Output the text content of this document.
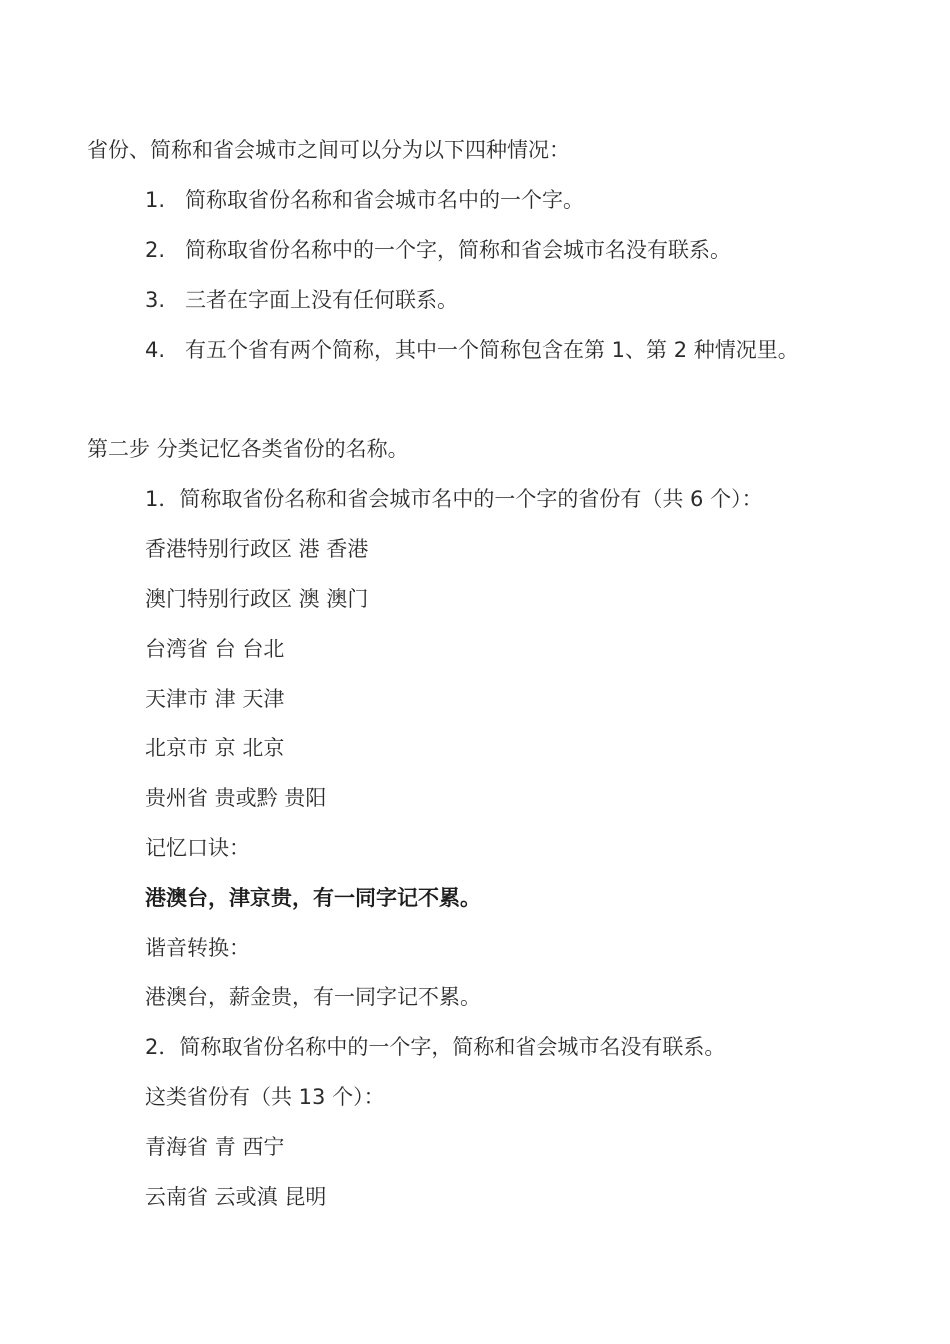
省份、简称和省会城市之间可以分为以下四种情况：
1. 简称取省份名称和省会城市名中的一个字。
2. 简称取省份名称中的一个字，简称和省会城市名没有联系。
3. 三者在字面上没有任何联系。
4. 有五个省有两个简称，其中一个简称包含在第 1、第 2 种情况里。
第二步 分类记忆各类省份的名称。
1．简称取省份名称和省会城市名中的一个字的省份有（共 6 个）：
香港特别行政区 港 香港
澳门特别行政区 澳 澳门
台湾省 台 台北
天津市 津 天津
北京市 京 北京
贵州省 贵或黔 贵阳
记忆口诀：
港澳台，津京贵，有一同字记不累。
谐音转换：
港澳台，薪金贵，有一同字记不累。
2．简称取省份名称中的一个字，简称和省会城市名没有联系。
这类省份有（共 13 个）：
青海省 青 西宁
云南省 云或滇 昆明
